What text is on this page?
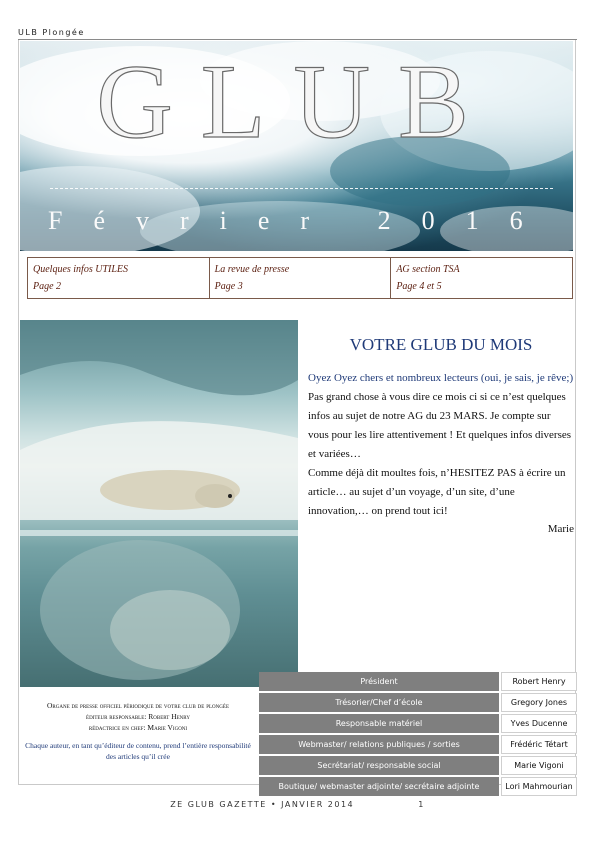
ULB Plongée
GLUB
Février 2016
Quelques infos UTILES
Page 2

La revue de presse
Page 3

AG section TSA
Page 4 et 5
VOTRE GLUB DU MOIS

Oyez Oyez chers et nombreux lecteurs (oui, je sais, je rêve;)

Pas grand chose à vous dire ce mois ci si ce n’est quelques infos au sujet de notre AG du 23 MARS. Je compte sur vous pour les lire attentivement ! Et quelques infos diverses et variées…

Comme déjà dit moultes fois, n’HESITEZ PAS à écrire un article… au sujet d’un voyage, d’un site, d’une innovation,… on prend tout ici!

Marie
Organe de presse officiel périodique de votre club de plongée
éditeur responsable: Robert Henry
rédactrice en chef: Marie Vigoni
Chaque auteur, en tant qu’éditeur de contenu, prend l’entière responsabilité des articles qu’il crée
Président	Robert Henry
Trésorier/Chef d’école	Gregory Jones
Responsable matériel	Yves Ducenne
Webmaster/ relations publiques / sorties	Frédéric Tétart
Secrétariat/ responsable social	Marie Vigoni
Boutique/ webmaster adjointe/ secrétaire adjointe	Lori Mahmourian
ZE GLUB GAZETTE • JANVIER 2014	1
